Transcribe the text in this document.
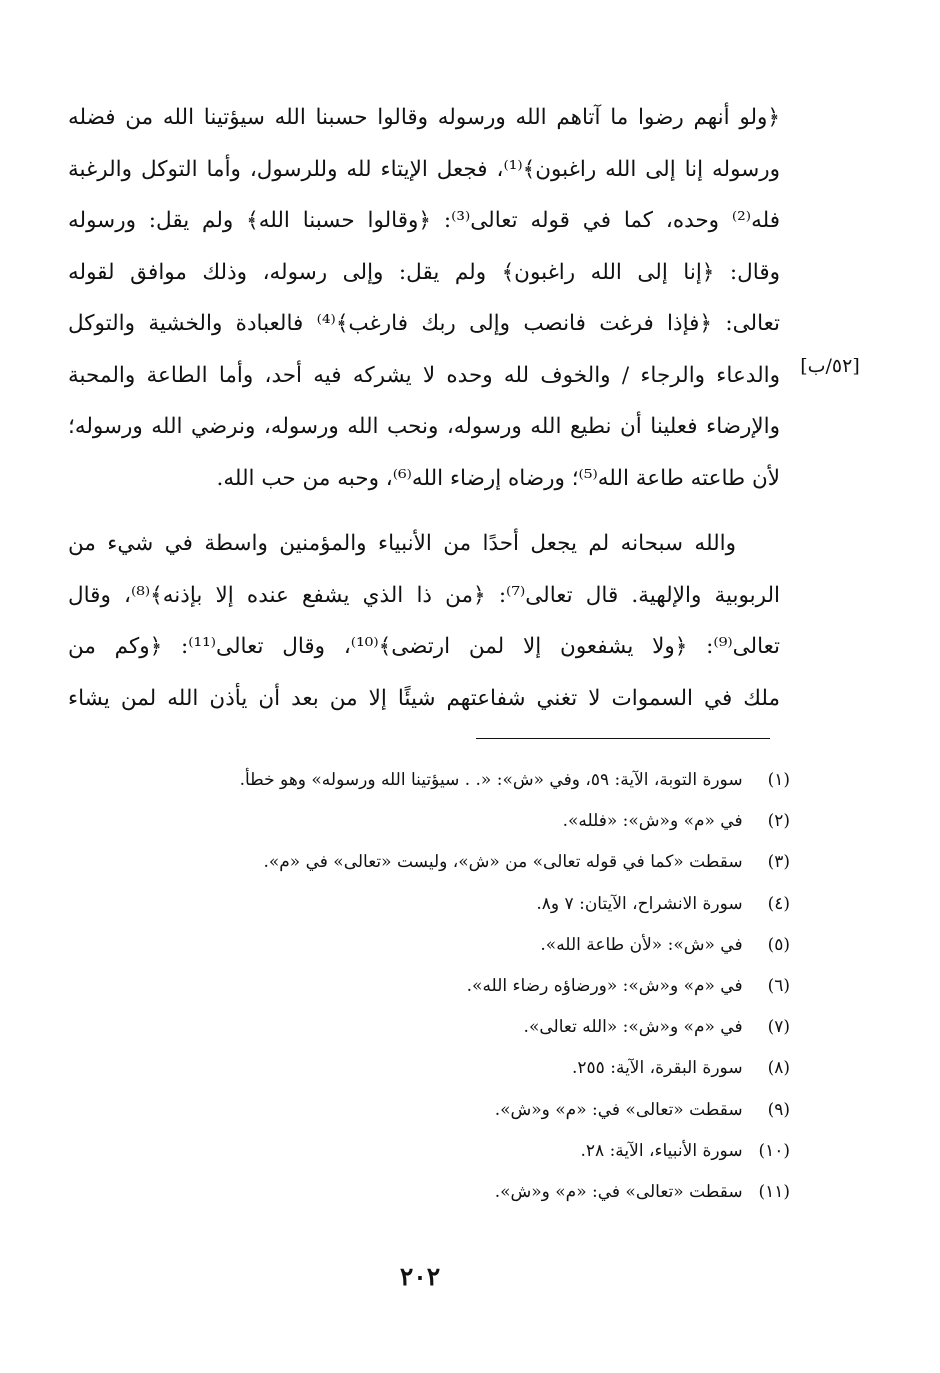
[٥٢/ب]
﴿ولو أنهم رضوا ما آتاهم الله ورسوله وقالوا حسبنا الله سيؤتينا الله من فضله
ورسوله إنا إلى الله راغبون﴾⁽¹⁾، فجعل الإيتاء لله وللرسول، وأما التوكل والرغبة
فله⁽²⁾ وحده، كما في قوله تعالى⁽³⁾: ﴿وقالوا حسبنا الله﴾ ولم يقل: ورسوله
وقال: ﴿إنا إلى الله راغبون﴾ ولم يقل: وإلى رسوله، وذلك موافق لقوله
تعالى: ﴿فإذا فرغت فانصب وإلى ربك فارغب﴾⁽⁴⁾ فالعبادة والخشية والتوكل
والدعاء والرجاء / والخوف لله وحده لا يشركه فيه أحد، وأما الطاعة والمحبة
والإرضاء فعلينا أن نطيع الله ورسوله، ونحب الله ورسوله، ونرضي الله ورسوله؛
لأن طاعته طاعة الله⁽⁵⁾؛ ورضاه إرضاء الله⁽⁶⁾، وحبه من حب الله.
والله سبحانه لم يجعل أحدًا من الأنبياء والمؤمنين واسطة في شيء من
الربوبية والإلهية. قال تعالى⁽⁷⁾: ﴿من ذا الذي يشفع عنده إلا بإذنه﴾⁽⁸⁾، وقال
تعالى⁽⁹⁾: ﴿ولا يشفعون إلا لمن ارتضى﴾⁽¹⁰⁾، وقال تعالى⁽¹¹⁾: ﴿وكم من
ملك في السموات لا تغني شفاعتهم شيئًا إلا من بعد أن يأذن الله لمن يشاء
(١) سورة التوبة، الآية: ٥٩، وفي «ش»: «. . سيؤتينا الله ورسوله» وهو خطأ.
(٢) في «م» و«ش»: «فلله».
(٣) سقطت «كما في قوله تعالى» من «ش»، وليست «تعالى» في «م».
(٤) سورة الانشراح، الآيتان: ٧ و٨.
(٥) في «ش»: «لأن طاعة الله».
(٦) في «م» و«ش»: «ورضاؤه رضاء الله».
(٧) في «م» و«ش»: «الله تعالى».
(٨) سورة البقرة، الآية: ٢٥٥.
(٩) سقطت «تعالى» في: «م» و«ش».
(١٠) سورة الأنبياء، الآية: ٢٨.
(١١) سقطت «تعالى» في: «م» و«ش».
٢٠٢
